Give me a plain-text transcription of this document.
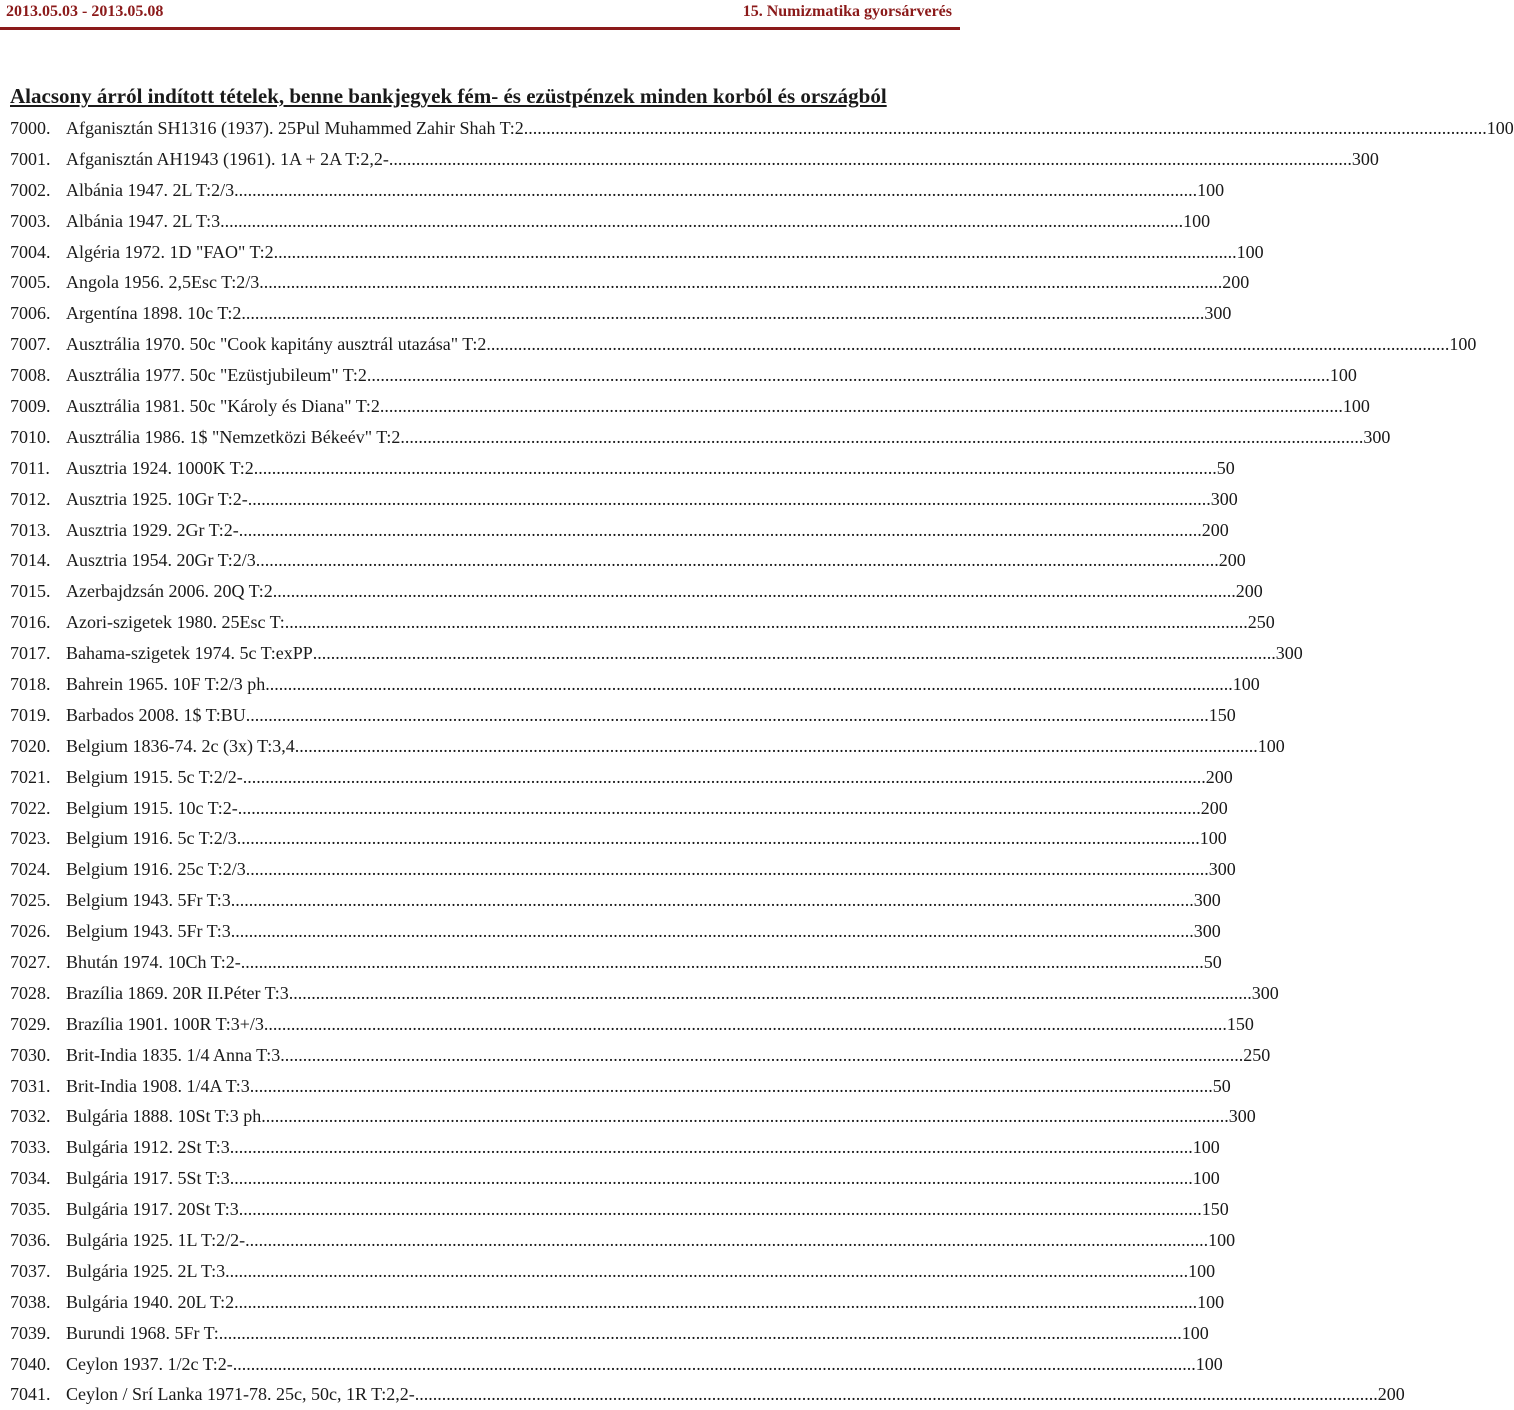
2013.05.03 - 2013.05.08	15. Numizmatika gyorsárverés
Alacsony árról indított tételek, benne bankjegyek fém- és ezüstpénzek minden korból és országból
7000. Afganisztán SH1316 (1937). 25Pul Muhammed Zahir Shah T:2 .....	100
7001. Afganisztán AH1943 (1961). 1A + 2A T:2,2- .....	300
7002. Albánia 1947. 2L T:2/3 .....	100
7003. Albánia 1947. 2L T:3 .....	100
7004. Algéria 1972. 1D "FAO" T:2 .....	100
7005. Angola 1956. 2,5Esc T:2/3 .....	200
7006. Argentína 1898. 10c T:2 .....	300
7007. Ausztrália 1970. 50c "Cook kapitány ausztrál utazása" T:2 .....	100
7008. Ausztrália 1977. 50c "Ezüstjubileum" T:2 .....	100
7009. Ausztrália 1981. 50c "Károly és Diana" T:2 .....	100
7010. Ausztrália 1986. 1$ "Nemzetközi Békeév" T:2 .....	300
7011. Ausztria 1924. 1000K T:2 .....	50
7012. Ausztria 1925. 10Gr T:2- .....	300
7013. Ausztria 1929. 2Gr T:2- .....	200
7014. Ausztria 1954. 20Gr T:2/3 .....	200
7015. Azerbajdzsán 2006. 20Q T:2 .....	200
7016. Azori-szigetek 1980. 25Esc T: .....	250
7017. Bahama-szigetek 1974. 5c T:exPP .....	300
7018. Bahrein 1965. 10F T:2/3 ph. .....	100
7019. Barbados 2008. 1$ T:BU .....	150
7020. Belgium 1836-74. 2c (3x) T:3,4 .....	100
7021. Belgium 1915. 5c T:2/2- .....	200
7022. Belgium 1915. 10c T:2- .....	200
7023. Belgium 1916. 5c T:2/3 .....	100
7024. Belgium 1916. 25c T:2/3 .....	300
7025. Belgium 1943. 5Fr T:3 .....	300
7026. Belgium 1943. 5Fr T:3 .....	300
7027. Bhután 1974. 10Ch T:2- .....	50
7028. Brazília 1869. 20R II.Péter T:3 .....	300
7029. Brazília 1901. 100R T:3+/3 .....	150
7030. Brit-India 1835. 1/4 Anna T:3 .....	250
7031. Brit-India 1908. 1/4A T:3 .....	50
7032. Bulgária 1888. 10St T:3 ph. .....	300
7033. Bulgária 1912. 2St T:3 .....	100
7034. Bulgária 1917. 5St T:3 .....	100
7035. Bulgária 1917. 20St T:3 .....	150
7036. Bulgária 1925. 1L T:2/2- .....	100
7037. Bulgária 1925. 2L T:3 .....	100
7038. Bulgária 1940. 20L T:2 .....	100
7039. Burundi 1968. 5Fr T: .....	100
7040. Ceylon 1937. 1/2c T:2- .....	100
7041. Ceylon / Srí Lanka 1971-78. 25c, 50c, 1R T:2,2- .....	200
